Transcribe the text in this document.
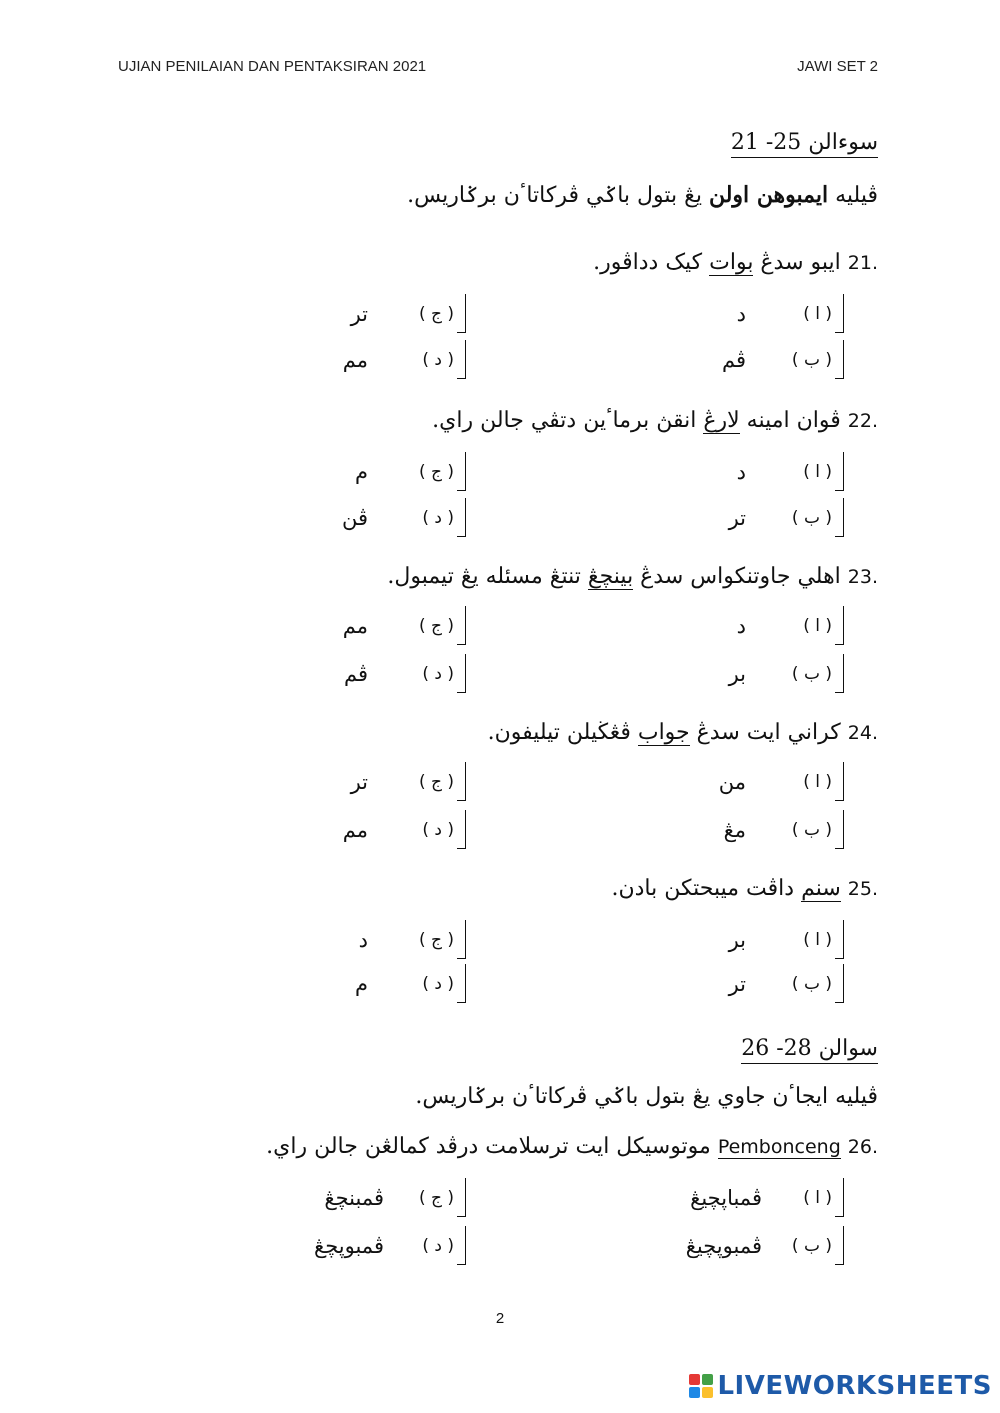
UJIAN PENILAIAN DAN PENTAKSIRAN 2021	JAWI SET 2
سوءالن 25- 21
ڤيليه ايمبوهن اولن يڠ بتول باݢي ڤركاتاٴن برݢاريس.
21. ايبو سدڠ بوات كيک دداڤور.
( ا )
د
( ب )
ڤم
( ج )
تر
( د )
مم
22. ڤوان امينه لارڠ انقڽ برماٴين دتڤي جالن راي.
( ا )
د
( ب )
تر
( ج )
م
( د )
ڤن
23. اهلي جاوتنكواس سدڠ بينچڠ تنتڠ مسئله يڠ تيمبول.
( ا )
د
( ب )
بر
( ج )
مم
( د )
ڤم
24. كراني ايت سدڠ جواب ڤڠڬيلن تيليفون.
( ا )
من
( ب )
مڠ
( ج )
تر
( د )
مم
25. سنم داڤت ميبحتكن بادن.
( ا )
بر
( ب )
تر
( ج )
د
( د )
م
سوالن 28- 26
ڤيليه ايجاٴن جاوي يڠ بتول باݢي ڤركاتاٴن برݢاريس.
26. Pembonceng موتوسيكل ايت ترسلامت درڤد كمالڠن جالن راي.
( ا )
ڤمباڽچيڠ
( ب )
ڤمبوڽچيڠ
( ج )
ڤمبنچڠ
( د )
ڤمبوڽچڠ
2
LIVEWORKSHEETS
